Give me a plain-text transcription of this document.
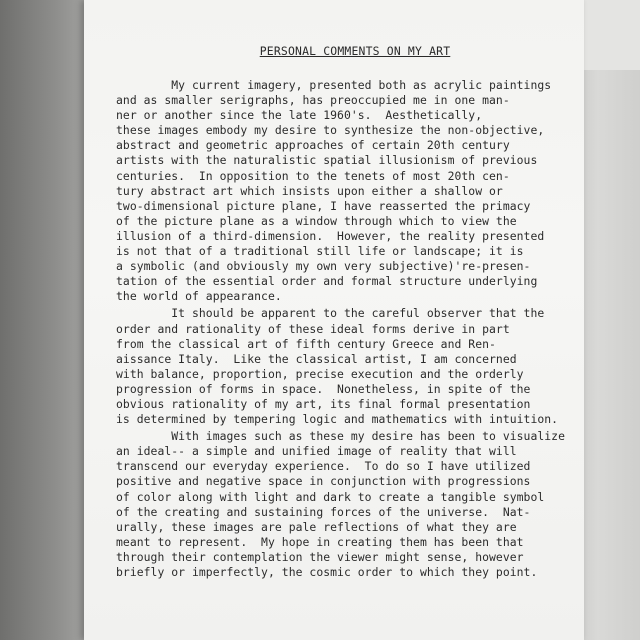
PERSONAL COMMENTS ON MY ART
My current imagery, presented both as acrylic paintings
and as smaller serigraphs, has preoccupied me in one man-
ner or another since the late 1960's.  Aesthetically,
these images embody my desire to synthesize the non-objective,
abstract and geometric approaches of certain 20th century
artists with the naturalistic spatial illusionism of previous
centuries.  In opposition to the tenets of most 20th cen-
tury abstract art which insists upon either a shallow or
two-dimensional picture plane, I have reasserted the primacy
of the picture plane as a window through which to view the
illusion of a third-dimension.  However, the reality presented
is not that of a traditional still life or landscape; it is
a symbolic (and obviously my own very subjective)'re-presen-
tation of the essential order and formal structure underlying
the world of appearance.
It should be apparent to the careful observer that the
order and rationality of these ideal forms derive in part
from the classical art of fifth century Greece and Ren-
aissance Italy.  Like the classical artist, I am concerned
with balance, proportion, precise execution and the orderly
progression of forms in space.  Nonetheless, in spite of the
obvious rationality of my art, its final formal presentation
is determined by tempering logic and mathematics with intuition.
With images such as these my desire has been to visualize
an ideal-- a simple and unified image of reality that will
transcend our everyday experience.  To do so I have utilized
positive and negative space in conjunction with progressions
of color along with light and dark to create a tangible symbol
of the creating and sustaining forces of the universe.  Nat-
urally, these images are pale reflections of what they are
meant to represent.  My hope in creating them has been that
through their contemplation the viewer might sense, however
briefly or imperfectly, the cosmic order to which they point.
